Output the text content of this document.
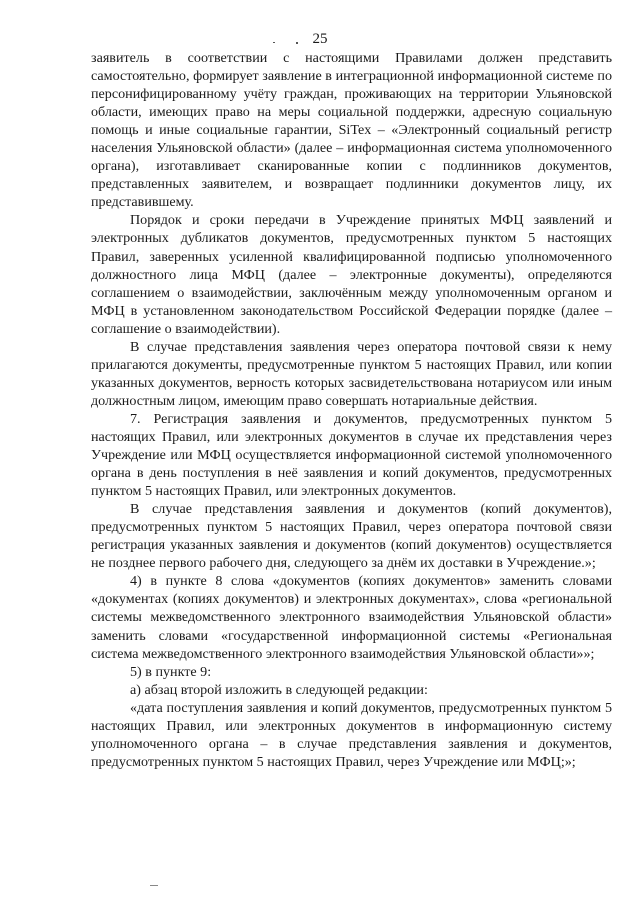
25

заявитель в соответствии с настоящими Правилами должен представить самостоятельно, формирует заявление в интеграционной информационной системе по персонифицированному учёту граждан, проживающих на территории Ульяновской области, имеющих право на меры социальной поддержки, адресную социальную помощь и иные социальные гарантии, SiTex – «Электронный социальный регистр населения Ульяновской области» (далее – информационная система уполномоченного органа), изготавливает сканированные копии с подлинников документов, представленных заявителем, и возвращает подлинники документов лицу, их представившему.

Порядок и сроки передачи в Учреждение принятых МФЦ заявлений и электронных дубликатов документов, предусмотренных пунктом 5 настоящих Правил, заверенных усиленной квалифицированной подписью уполномоченного должностного лица МФЦ (далее – электронные документы), определяются соглашением о взаимодействии, заключённым между уполномоченным органом и МФЦ в установленном законодательством Российской Федерации порядке (далее – соглашение о взаимодействии).

В случае представления заявления через оператора почтовой связи к нему прилагаются документы, предусмотренные пунктом 5 настоящих Правил, или копии указанных документов, верность которых засвидетельствована нотариусом или иным должностным лицом, имеющим право совершать нотариальные действия.

7. Регистрация заявления и документов, предусмотренных пунктом 5 настоящих Правил, или электронных документов в случае их представления через Учреждение или МФЦ осуществляется информационной системой уполномоченного органа в день поступления в неё заявления и копий документов, предусмотренных пунктом 5 настоящих Правил, или электронных документов.

В случае представления заявления и документов (копий документов), предусмотренных пунктом 5 настоящих Правил, через оператора почтовой связи регистрация указанных заявления и документов (копий документов) осуществляется не позднее первого рабочего дня, следующего за днём их доставки в Учреждение.»;

4) в пункте 8 слова «документов (копиях документов» заменить словами «документах (копиях документов) и электронных документах», слова «региональной системы межведомственного электронного взаимодействия Ульяновской области» заменить словами «государственной информационной системы «Региональная система межведомственного электронного взаимодействия Ульяновской области»»;

5) в пункте 9:

а) абзац второй изложить в следующей редакции:

«дата поступления заявления и копий документов, предусмотренных пунктом 5 настоящих Правил, или электронных документов в информационную систему уполномоченного органа – в случае представления заявления и документов, предусмотренных пунктом 5 настоящих Правил, через Учреждение или МФЦ;»;
